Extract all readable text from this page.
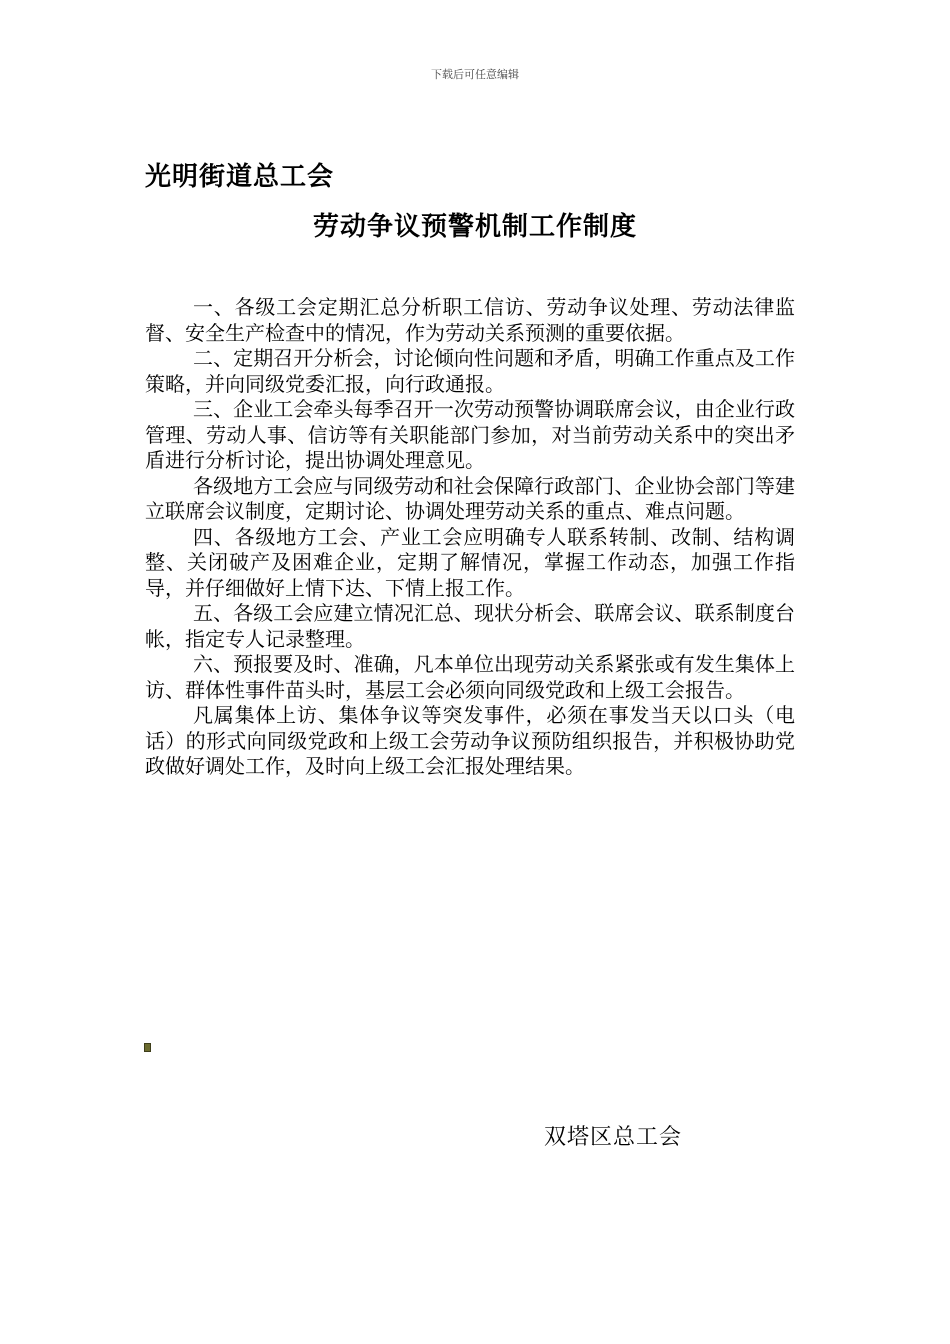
下载后可任意编辑
光明街道总工会
劳动争议预警机制工作制度

一、各级工会定期汇总分析职工信访、劳动争议处理、劳动法律监督、安全生产检查中的情况，作为劳动关系预测的重要依据。

二、定期召开分析会，讨论倾向性问题和矛盾，明确工作重点及工作策略，并向同级党委汇报，向行政通报。

三、企业工会牵头每季召开一次劳动预警协调联席会议，由企业行政管理、劳动人事、信访等有关职能部门参加，对当前劳动关系中的突出矛盾进行分析讨论，提出协调处理意见。

各级地方工会应与同级劳动和社会保障行政部门、企业协会部门等建立联席会议制度，定期讨论、协调处理劳动关系的重点、难点问题。

四、各级地方工会、产业工会应明确专人联系转制、改制、结构调整、关闭破产及困难企业，定期了解情况，掌握工作动态，加强工作指导，并仔细做好上情下达、下情上报工作。

五、各级工会应建立情况汇总、现状分析会、联席会议、联系制度台帐，指定专人记录整理。

六、预报要及时、准确，凡本单位出现劳动关系紧张或有发生集体上访、群体性事件苗头时，基层工会必须向同级党政和上级工会报告。

凡属集体上访、集体争议等突发事件，必须在事发当天以口头（电话）的形式向同级党政和上级工会劳动争议预防组织报告，并积极协助党政做好调处工作，及时向上级工会汇报处理结果。

双塔区总工会
